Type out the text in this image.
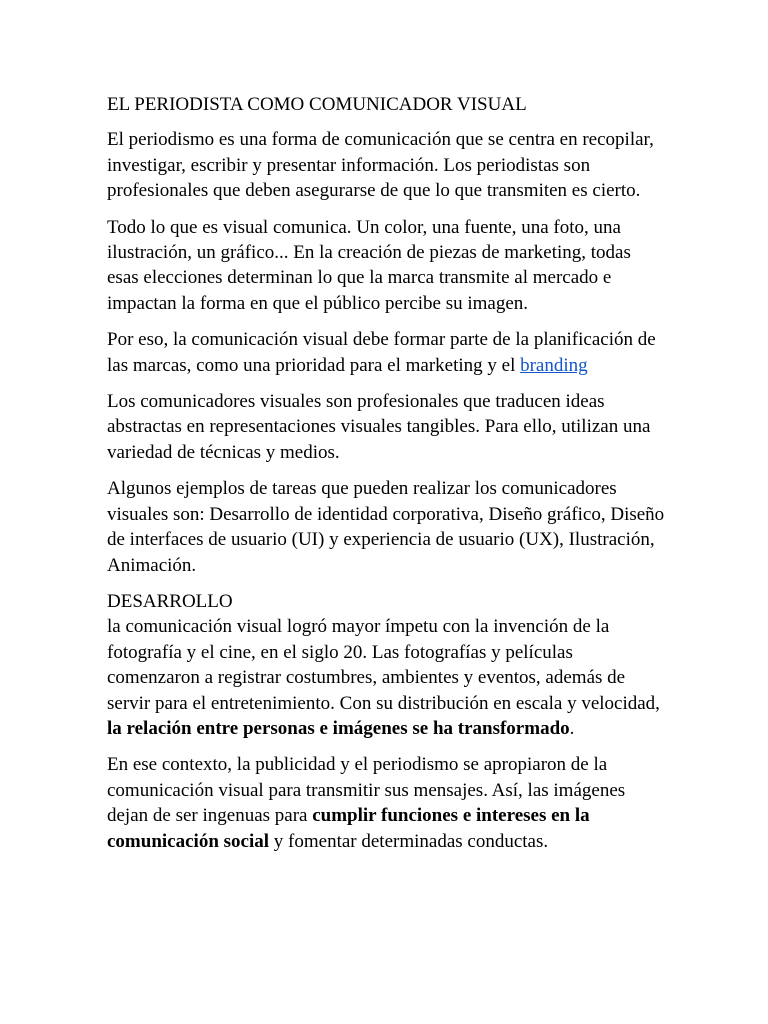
EL PERIODISTA COMO COMUNICADOR VISUAL

El periodismo es una forma de comunicación que se centra en recopilar, investigar, escribir y presentar información. Los periodistas son profesionales que deben asegurarse de que lo que transmiten es cierto.

Todo lo que es visual comunica. Un color, una fuente, una foto, una ilustración, un gráfico... En la creación de piezas de marketing, todas esas elecciones determinan lo que la marca transmite al mercado e impactan la forma en que el público percibe su imagen.

Por eso, la comunicación visual debe formar parte de la planificación de las marcas, como una prioridad para el marketing y el branding

Los comunicadores visuales son profesionales que traducen ideas abstractas en representaciones visuales tangibles. Para ello, utilizan una variedad de técnicas y medios.

Algunos ejemplos de tareas que pueden realizar los comunicadores visuales son: Desarrollo de identidad corporativa, Diseño gráfico, Diseño de interfaces de usuario (UI) y experiencia de usuario (UX), Ilustración, Animación.

DESARROLLO
la comunicación visual logró mayor ímpetu con la invención de la fotografía y el cine, en el siglo 20. Las fotografías y películas comenzaron a registrar costumbres, ambientes y eventos, además de servir para el entretenimiento. Con su distribución en escala y velocidad, la relación entre personas e imágenes se ha transformado.

En ese contexto, la publicidad y el periodismo se apropiaron de la comunicación visual para transmitir sus mensajes. Así, las imágenes dejan de ser ingenuas para cumplir funciones e intereses en la comunicación social y fomentar determinadas conductas.
